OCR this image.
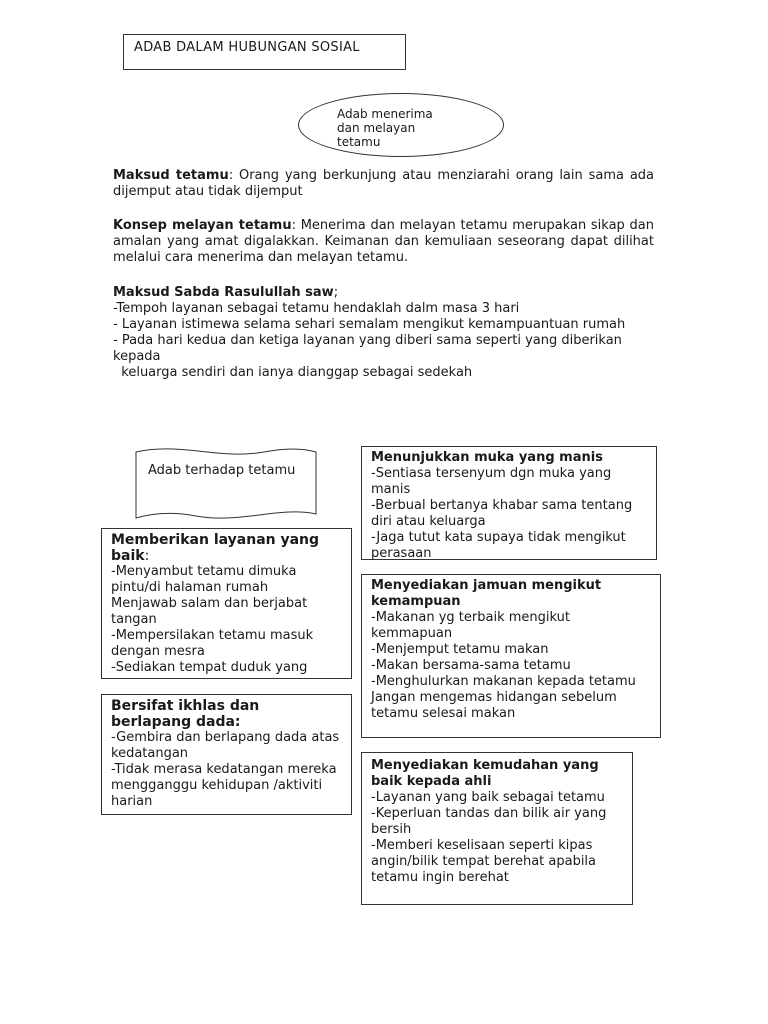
ADAB DALAM HUBUNGAN SOSIAL
Adab menerima dan melayan tetamu
Maksud tetamu: Orang yang berkunjung atau menziarahi orang lain sama ada dijemput atau tidak dijemput
Konsep melayan tetamu: Menerima dan melayan tetamu merupakan sikap dan amalan yang amat digalakkan. Keimanan dan kemuliaan seseorang dapat dilihat melalui cara menerima dan melayan tetamu.
Maksud Sabda Rasulullah saw;
-Tempoh layanan sebagai tetamu hendaklah dalm masa 3 hari
- Layanan istimewa selama sehari semalam mengikut kemampuantuan rumah
- Pada hari kedua dan ketiga layanan yang diberi sama seperti yang diberikan kepada
keluarga sendiri dan ianya dianggap sebagai sedekah
Adab terhadap tetamu
Memberikan layanan yang baik:
-Menyambut tetamu dimuka pintu/di halaman rumah
Menjawab salam dan berjabat tangan
-Mempersilakan tetamu masuk dengan mesra
-Sediakan tempat duduk yang
Bersifat ikhlas dan berlapang dada:
-Gembira dan berlapang dada atas kedatangan
-Tidak merasa kedatangan mereka mengganggu kehidupan /aktiviti harian
Menunjukkan muka yang manis
-Sentiasa tersenyum dgn muka yang manis
-Berbual bertanya khabar sama tentang diri atau keluarga
-Jaga tutut kata supaya tidak mengikut perasaan
Menyediakan jamuan mengikut kemampuan
-Makanan yg terbaik mengikut kemmapuan
-Menjemput tetamu makan
-Makan bersama-sama tetamu
-Menghulurkan makanan kepada tetamu
Jangan mengemas hidangan sebelum tetamu selesai makan
Menyediakan kemudahan yang baik kepada ahli
-Layanan yang baik sebagai tetamu
-Keperluan tandas dan bilik air yang bersih
-Memberi keselisaan seperti kipas angin/bilik tempat berehat apabila tetamu ingin berehat
